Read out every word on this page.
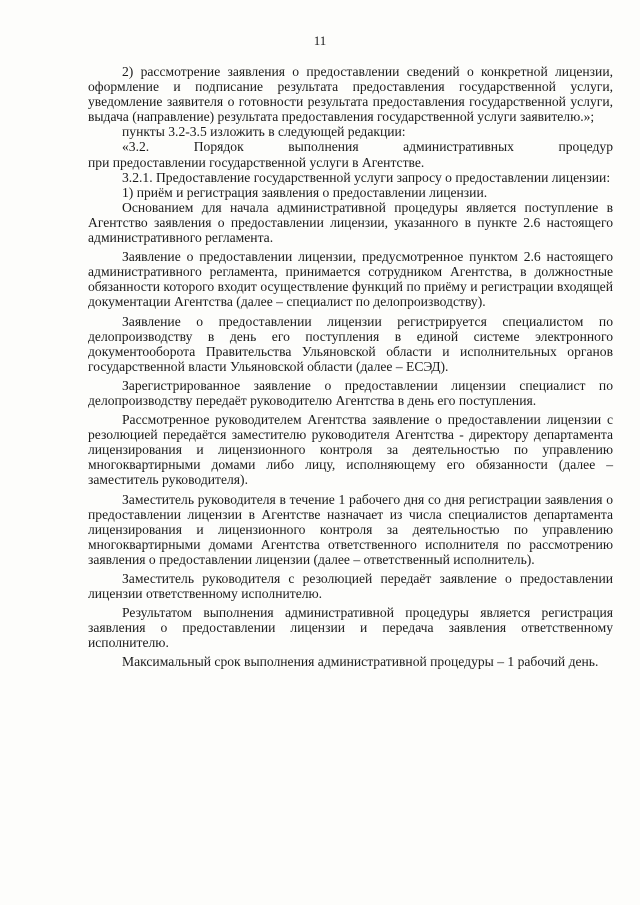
11

2) рассмотрение заявления о предоставлении сведений о конкретной лицензии, оформление и подписание результата предоставления государственной услуги, уведомление заявителя о готовности результата предоставления государственной услуги, выдача (направление) результата предоставления государственной услуги заявителю.»;

пункты 3.2-3.5 изложить в следующей редакции:

«3.2.	Порядок	выполнения	административных	процедур

при предоставлении государственной услуги в Агентстве.

3.2.1. Предоставление государственной услуги запросу о предоставлении лицензии:

1) приём и регистрация заявления о предоставлении лицензии.

Основанием для начала административной процедуры является поступление в Агентство заявления о предоставлении лицензии, указанного в пункте 2.6 настоящего административного регламента.

Заявление о предоставлении лицензии, предусмотренное пунктом 2.6 настоящего административного регламента, принимается сотрудником Агентства, в должностные обязанности которого входит осуществление функций по приёму и регистрации входящей документации Агентства (далее – специалист по делопроизводству).

Заявление о предоставлении лицензии регистрируется специалистом по делопроизводству в день его поступления в единой системе электронного документооборота Правительства Ульяновской области и исполнительных органов государственной власти Ульяновской области (далее – ЕСЭД).

Зарегистрированное заявление о предоставлении лицензии специалист по делопроизводству передаёт руководителю Агентства в день его поступления.

Рассмотренное руководителем Агентства заявление о предоставлении лицензии с резолюцией передаётся заместителю руководителя Агентства - директору департамента лицензирования и лицензионного контроля за деятельностью по управлению многоквартирными домами либо лицу, исполняющему его обязанности (далее – заместитель руководителя).

Заместитель руководителя в течение 1 рабочего дня со дня регистрации заявления о предоставлении лицензии в Агентстве назначает из числа специалистов департамента лицензирования и лицензионного контроля за деятельностью по управлению многоквартирными домами Агентства ответственного исполнителя по рассмотрению заявления о предоставлении лицензии (далее – ответственный исполнитель).

Заместитель руководителя с резолюцией передаёт заявление о предоставлении лицензии ответственному исполнителю.

Результатом выполнения административной процедуры является регистрация заявления о предоставлении лицензии и передача заявления ответственному исполнителю.

Максимальный срок выполнения административной процедуры – 1 рабочий день.
